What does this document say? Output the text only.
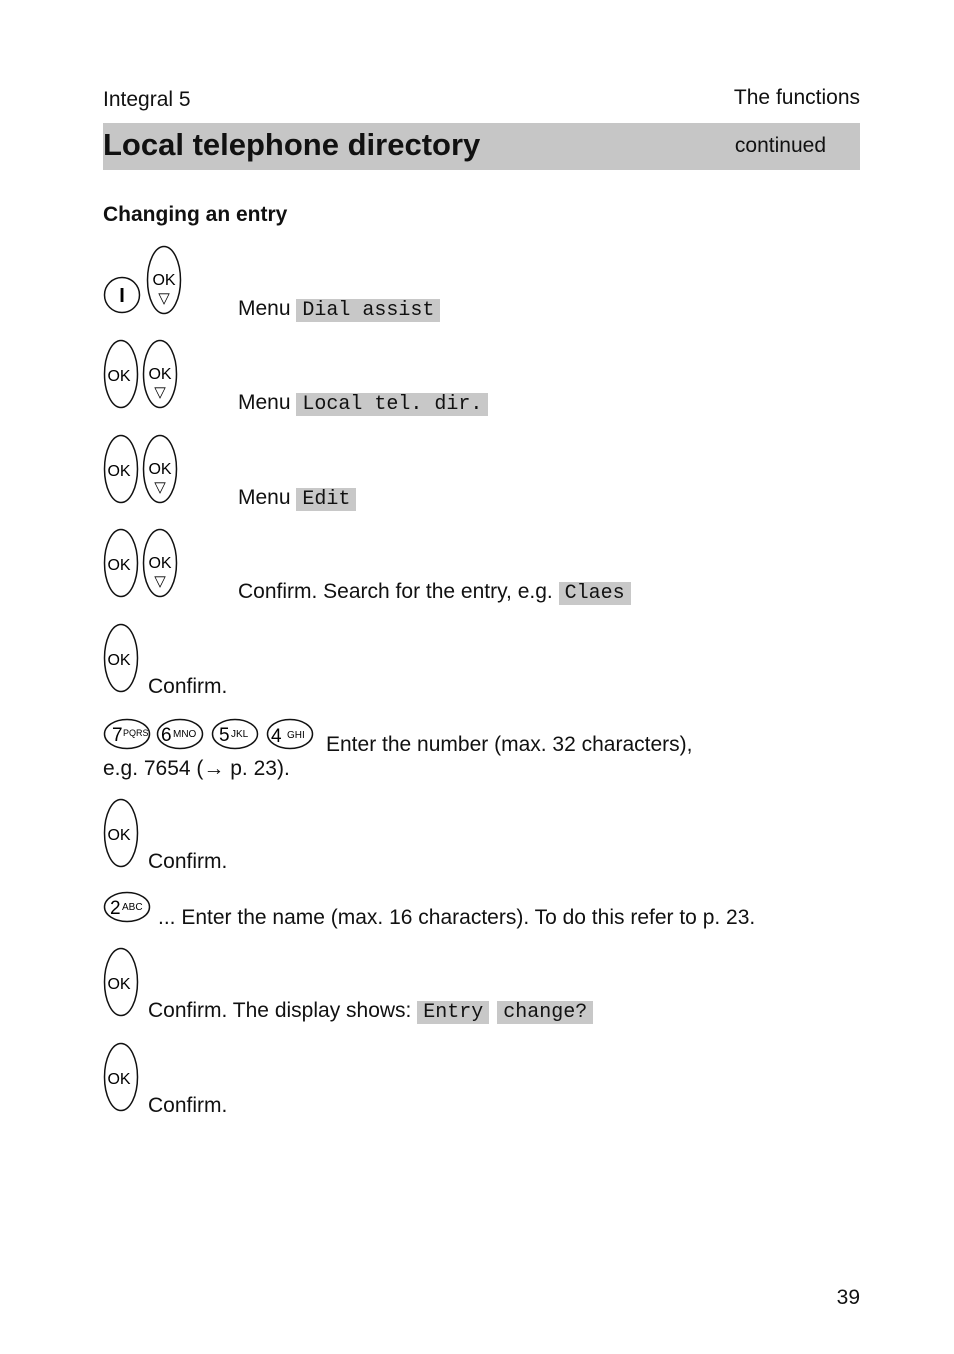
Integral 5	The functions
Local telephone directory	continued
Changing an entry
I
OK
▽	Menu Dial assist
OK OK
▽	Menu Local tel. dir.
OK OK
▽	Menu Edit
OK OK
▽	Confirm. Search for the entry, e.g. Claes
OK
Confirm.
7 PQRS 6 MNO 5 JKL 4 GHI Enter the number (max. 32 characters),
e.g. 7654 (→ p. 23).
OK
Confirm.
2 ABC ... Enter the name (max. 16 characters). To do this refer to p. 23.
OK
Confirm. The display shows: Entry change?
OK
Confirm.
39
